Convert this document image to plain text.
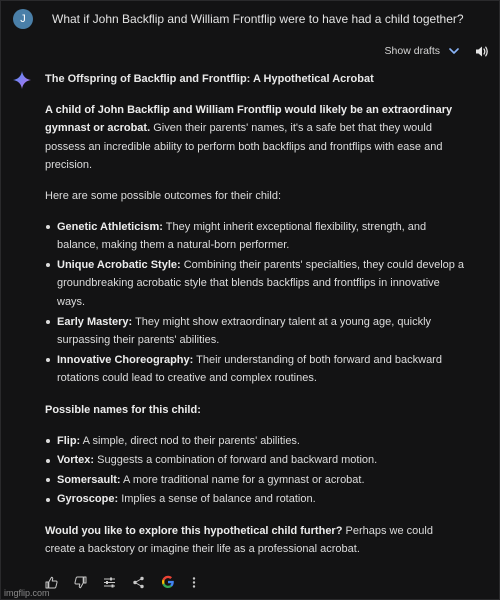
J	What if John Backflip and William Frontflip were to have had a child together?
Show drafts

The Offspring of Backflip and Frontflip: A Hypothetical Acrobat

A child of John Backflip and William Frontflip would likely be an extraordinary gymnast or acrobat. Given their parents' names, it's a safe bet that they would possess an incredible ability to perform both backflips and frontflips with ease and precision.

Here are some possible outcomes for their child:

Genetic Athleticism: They might inherit exceptional flexibility, strength, and balance, making them a natural-born performer.
Unique Acrobatic Style: Combining their parents' specialties, they could develop a groundbreaking acrobatic style that blends backflips and frontflips in innovative ways.
Early Mastery: They might show extraordinary talent at a young age, quickly surpassing their parents' abilities.
Innovative Choreography: Their understanding of both forward and backward rotations could lead to creative and complex routines.

Possible names for this child:

Flip: A simple, direct nod to their parents' abilities.
Vortex: Suggests a combination of forward and backward motion.
Somersault: A more traditional name for a gymnast or acrobat.
Gyroscope: Implies a sense of balance and rotation.

Would you like to explore this hypothetical child further? Perhaps we could create a backstory or imagine their life as a professional acrobat.

imgflip.com
